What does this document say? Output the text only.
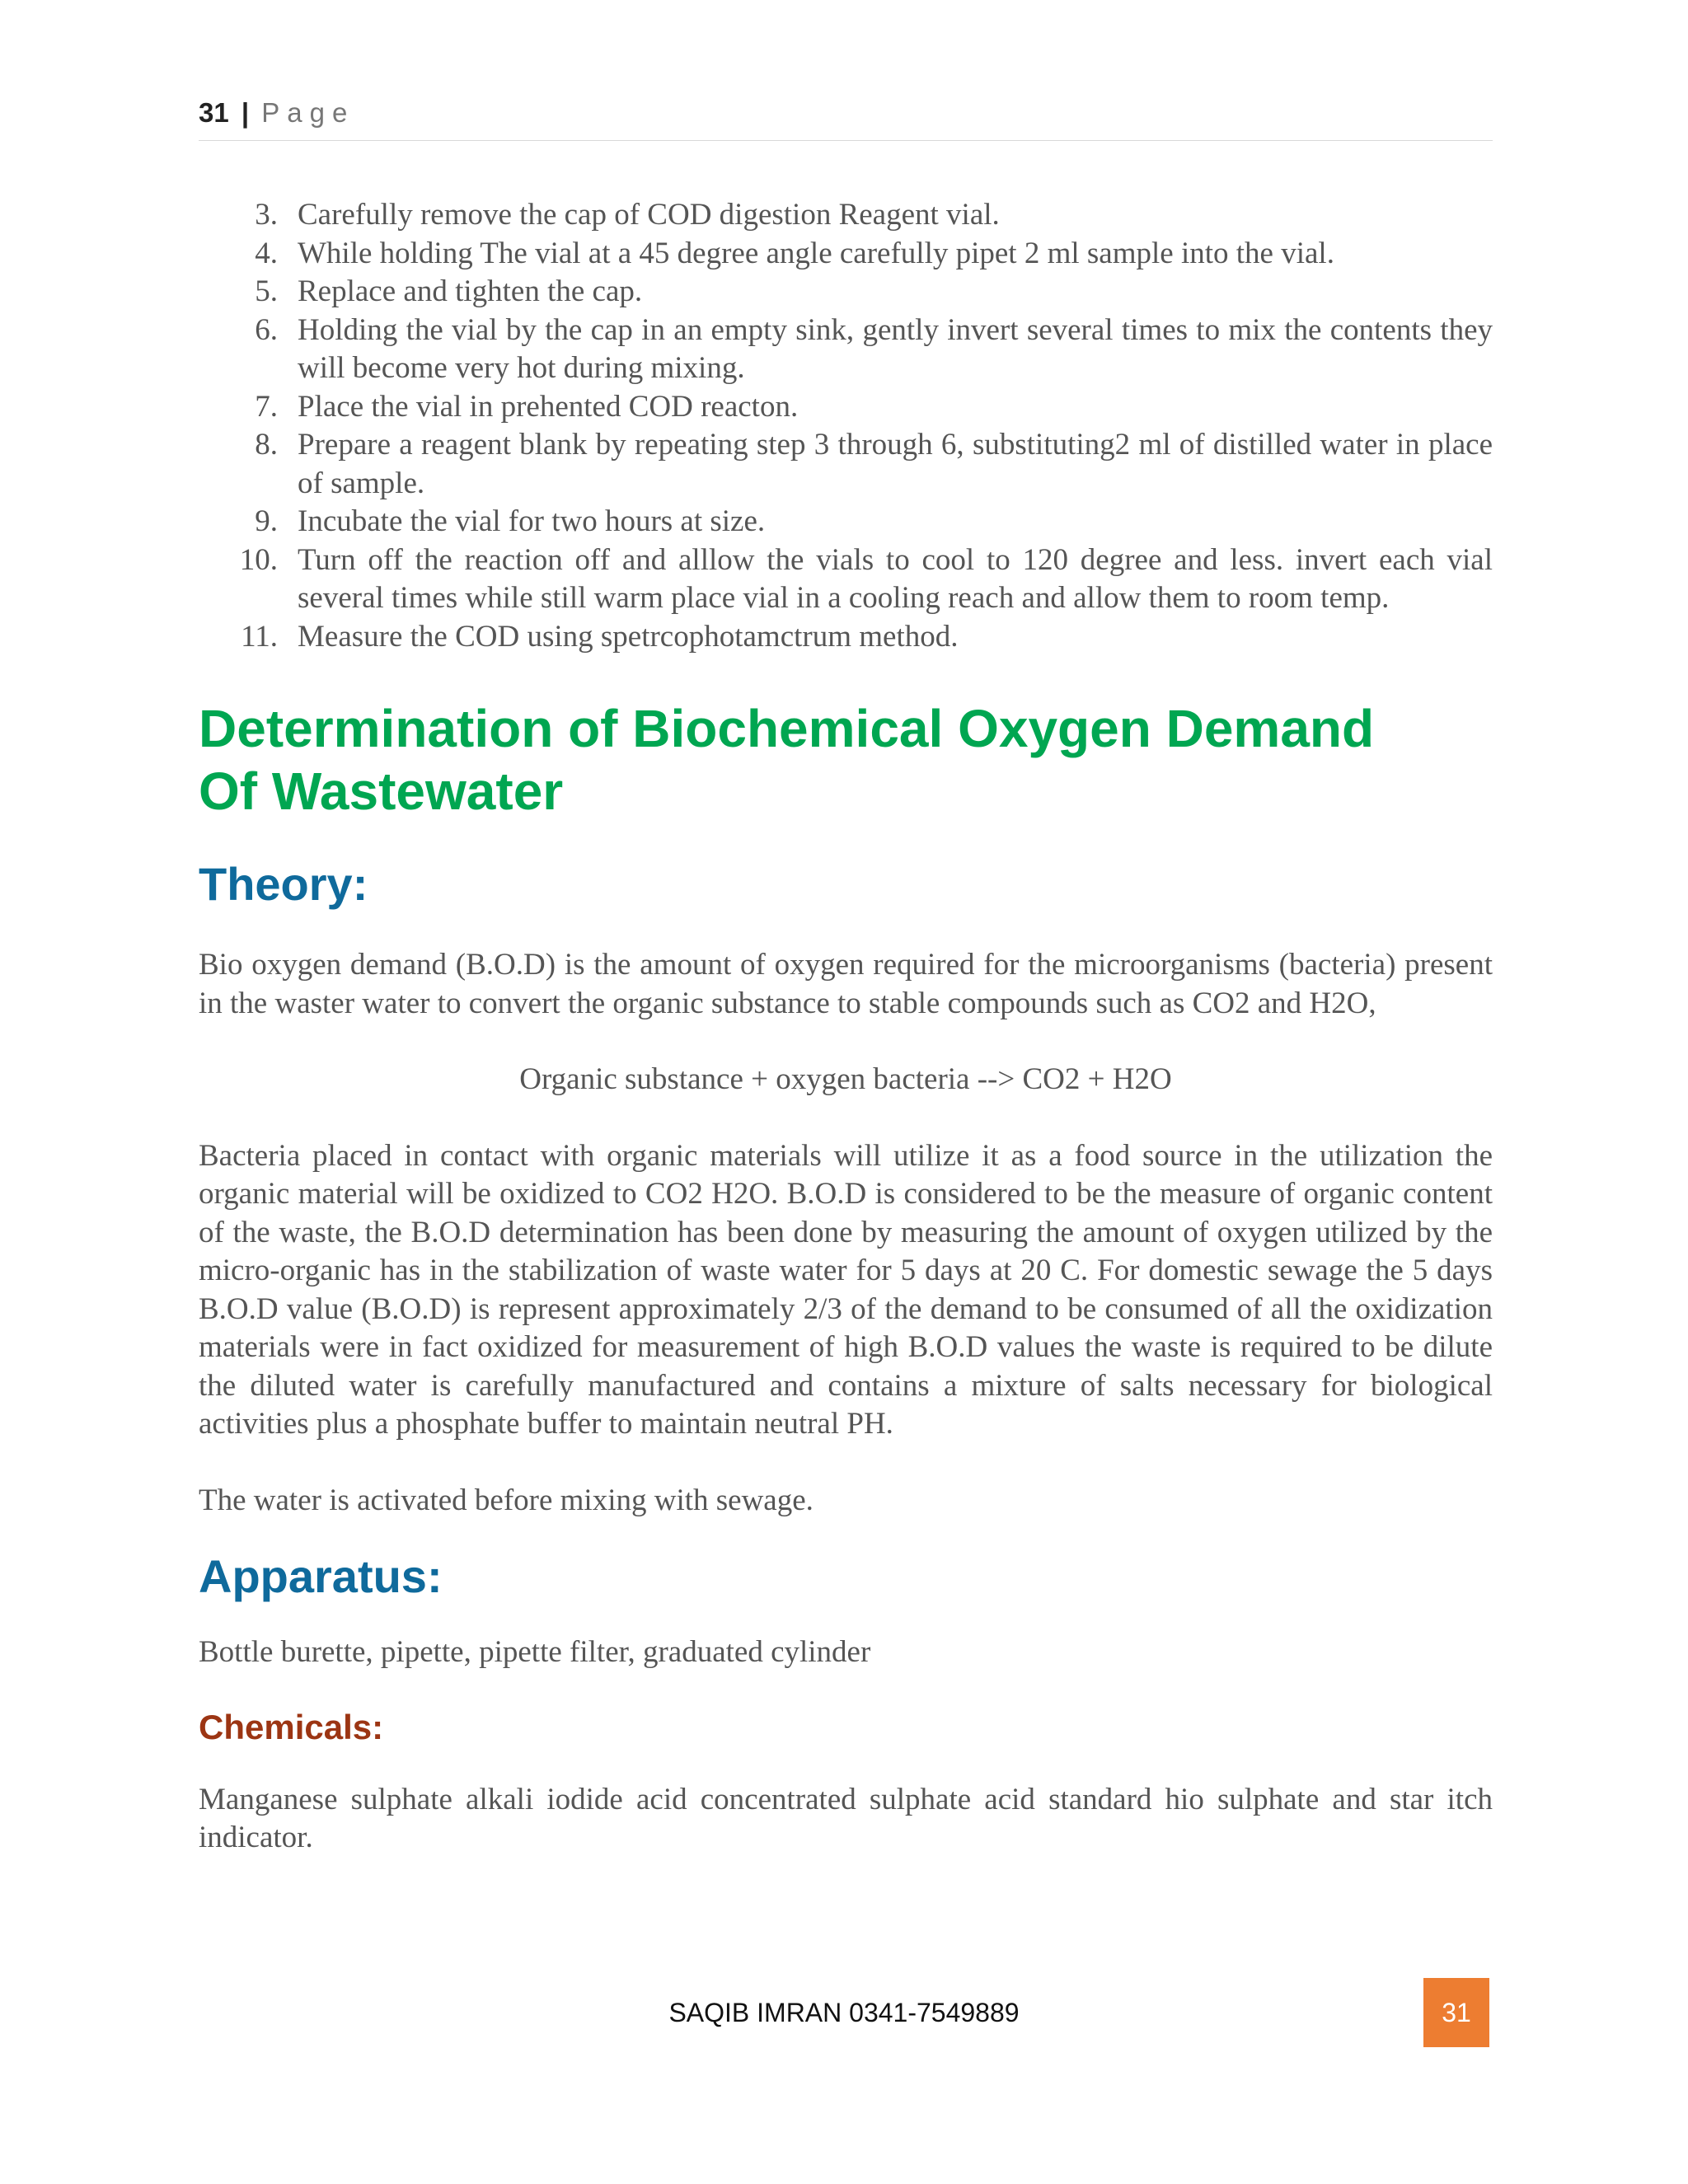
31 | Page
3. Carefully remove the cap of COD digestion Reagent vial.
4. While holding The vial at a 45 degree angle carefully pipet 2 ml sample into the vial.
5. Replace and tighten the cap.
6. Holding the vial by the cap in an empty sink, gently invert several times to mix the contents they will become very hot during mixing.
7. Place the vial in prehented COD reacton.
8. Prepare a reagent blank by repeating step 3 through 6, substituting2 ml of distilled water in place of sample.
9. Incubate the vial for two hours at size.
10. Turn off the reaction off and alllow the vials to cool to 120 degree and less. invert each vial several times while still warm place vial in a cooling reach and allow them to room temp.
11. Measure the COD using spetrcophotamctrum method.
Determination of Biochemical Oxygen Demand
Of Wastewater
Theory:

Bio oxygen demand (B.O.D) is the amount of oxygen required for the microorganisms (bacteria) present in the waster water to convert the organic substance to stable compounds such as CO2 and H2O,

Organic substance + oxygen bacteria --> CO2 + H2O

Bacteria placed in contact with organic materials will utilize it as a food source in the utilization the organic material will be oxidized to CO2 H2O. B.O.D is considered to be the measure of organic content of the waste, the B.O.D determination has been done by measuring the amount of oxygen utilized by the micro-organic has in the stabilization of waste water for 5 days at 20 C. For domestic sewage the 5 days B.O.D value (B.O.D) is represent approximately 2/3 of the demand to be consumed of all the oxidization materials were in fact oxidized for measurement of high B.O.D values the waste is required to be dilute the diluted water is carefully manufactured and contains a mixture of salts necessary for biological activities plus a phosphate buffer to maintain neutral PH.

The water is activated before mixing with sewage.

Apparatus:

Bottle burette, pipette, pipette filter, graduated cylinder

Chemicals:

Manganese sulphate alkali iodide acid concentrated sulphate acid standard hio sulphate and star itch indicator.

SAQIB IMRAN 0341-7549889	31
